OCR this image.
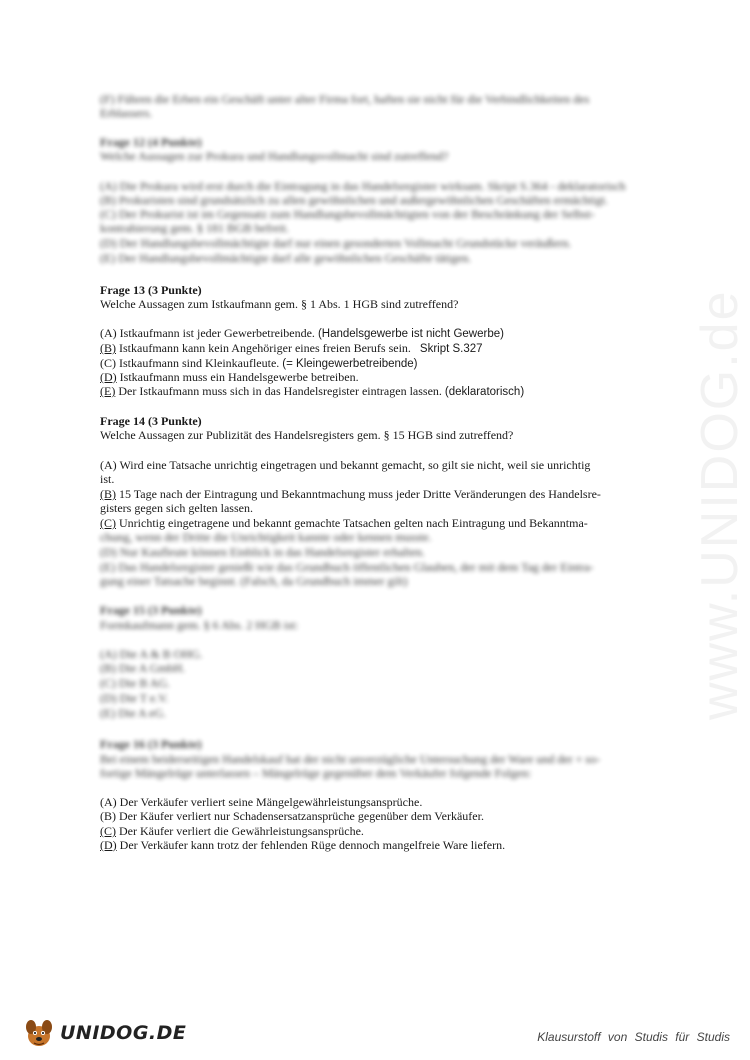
www.UNIDOG.de
(F) Führen die Erben ein Geschäft unter alter Firma fort, haften sie nicht für die Verbindlichkeiten des
Erblassers.
Frage 12 (4 Punkte)
Welche Aussagen zur Prokura und Handlungsvollmacht sind zutreffend?
(A) Die Prokura wird erst durch die Eintragung in das Handelsregister wirksam. Skript S.364 - deklaratorisch
(B) Prokuristen sind grundsätzlich zu allen gewöhnlichen und außergewöhnlichen Geschäften ermächtigt.
(C) Der Prokurist ist im Gegensatz zum Handlungsbevollmächtigten von der Beschränkung der Selbst-
kontrahierung gem. § 181 BGB befreit.
(D) Der Handlungsbevollmächtigte darf nur einen gesonderten Vollmacht Grundstücke veräußern.
(E) Der Handlungsbevollmächtigte darf alle gewöhnlichen Geschäfte tätigen.
Frage 13 (3 Punkte)
Welche Aussagen zum Istkaufmann gem. § 1 Abs. 1 HGB sind zutreffend?
(A) Istkaufmann ist jeder Gewerbetreibende. (Handelsgewerbe ist nicht Gewerbe)
(B) Istkaufmann kann kein Angehöriger eines freien Berufs sein. Skript S.327
(C) Istkaufmann sind Kleinkaufleute. (= Kleingewerbetreibende)
(D) Istkaufmann muss ein Handelsgewerbe betreiben.
(E) Der Istkaufmann muss sich in das Handelsregister eintragen lassen. (deklaratorisch)
Frage 14 (3 Punkte)
Welche Aussagen zur Publizität des Handelsregisters gem. § 15 HGB sind zutreffend?
(A) Wird eine Tatsache unrichtig eingetragen und bekannt gemacht, so gilt sie nicht, weil sie unrichtig
ist.
(B) 15 Tage nach der Eintragung und Bekanntmachung muss jeder Dritte Veränderungen des Handelsre-
gisters gegen sich gelten lassen.
(C) Unrichtig eingetragene und bekannt gemachte Tatsachen gelten nach Eintragung und Bekanntma-
chung, wenn der Dritte die Unrichtigkeit kannte oder kennen musste.
(D) Nur Kaufleute können Einblick in das Handelsregister erhalten.
(E) Das Handelsregister genießt wie das Grundbuch öffentlichen Glauben, der mit dem Tag der Eintra-
gung einer Tatsache beginnt. (Falsch, da Grundbuch immer gilt)
Frage 15 (3 Punkte)
Formkaufmann gem. § 6 Abs. 2 HGB ist:
(A) Die A & B OHG.
(B) Die A GmbH.
(C) Die B AG.
(D) Die T e.V.
(E) Die A eG.
Frage 16 (3 Punkte)
Bei einem beiderseitigen Handelskauf hat der nicht unverzügliche Untersuchung der Ware und der + so-
fortige Mängelrüge unterlassen – Mängelrüge gegenüber dem Verkäufer folgende Folgen:
(A) Der Verkäufer verliert seine Mängelgewährleistungsansprüche.
(B) Der Käufer verliert nur Schadensersatzansprüche gegenüber dem Verkäufer.
(C) Der Käufer verliert die Gewährleistungsansprüche.
(D) Der Verkäufer kann trotz der fehlenden Rüge dennoch mangelfreie Ware liefern.
UNIDOG.DE	Klausurstoff von Studis für Studis
